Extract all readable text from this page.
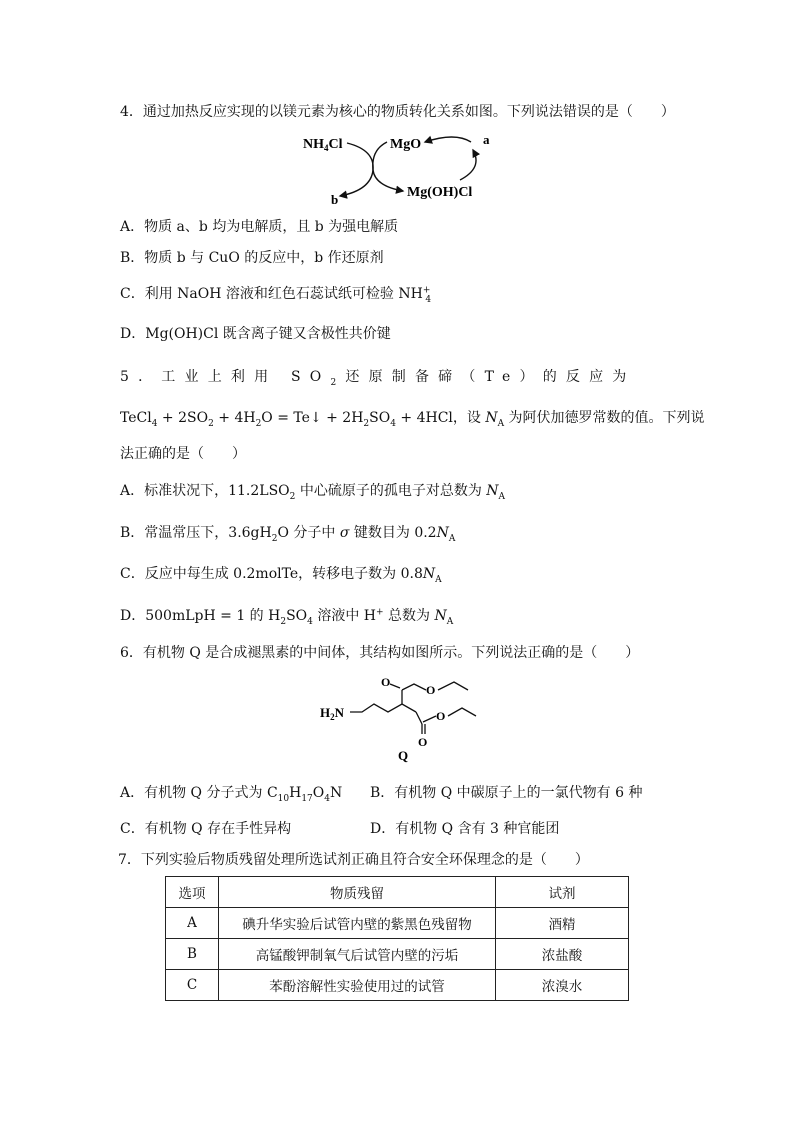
4．通过加热反应实现的以镁元素为核心的物质转化关系如图。下列说法错误的是（　　）
$NH_4Cl$	MgO	a
b	Mg(OH)Cl
A．物质 a、b 均为电解质，且 b 为强电解质
B．物质 b 与 CuO 的反应中，b 作还原剂
C．利用 NaOH 溶液和红色石蕊试纸可检验 $NH^+_4$
D．Mg(OH)Cl 既含离子键又含极性共价键
5．工业上利用 $SO_2$还原制备碲（Te）的反应为
TeCl$_4$ + $2SO_2 + 4H_2O$ = Te↓ + $2H_2SO_4 + 4HCl$，设 $N_A$ 为阿伏加德罗常数的值。下列说
法正确的是（　　）
A．标准状况下，$11.2LSO_2$ 中心硫原子的孤电子对总数为 $N_A$
B．常温常压下，$3.6gH_2O$ 分子中 σ 键数目为 $0.2N_A$
C．反应中每生成 0.2molTe，转移电子数为 $0.8N_A$
D．500mLpH = 1 的 $H_2SO_4$ 溶液中 H+ 总数为 $N_A$
6．有机物 Q 是合成褪黑素的中间体，其结构如图所示。下列说法正确的是（　　）
$H_2N$
O
O
O
O
Q
A．有机物 Q 分子式为 $C_{10}H_{17}O_4N$ B．有机物 Q 中碳原子上的一氯代物有 6 种
C．有机物 Q 存在手性异构	D．有机物 Q 含有 3 种官能团
7．下列实验后物质残留处理所选试剂正确且符合安全环保理念的是（　　）
选项	物质残留	试剂
A	碘升华实验后试管内壁的紫黑色残留物	酒精
B	高锰酸钾制氧气后试管内壁的污垢	浓盐酸
C	苯酚溶解性实验使用过的试管	浓溴水
